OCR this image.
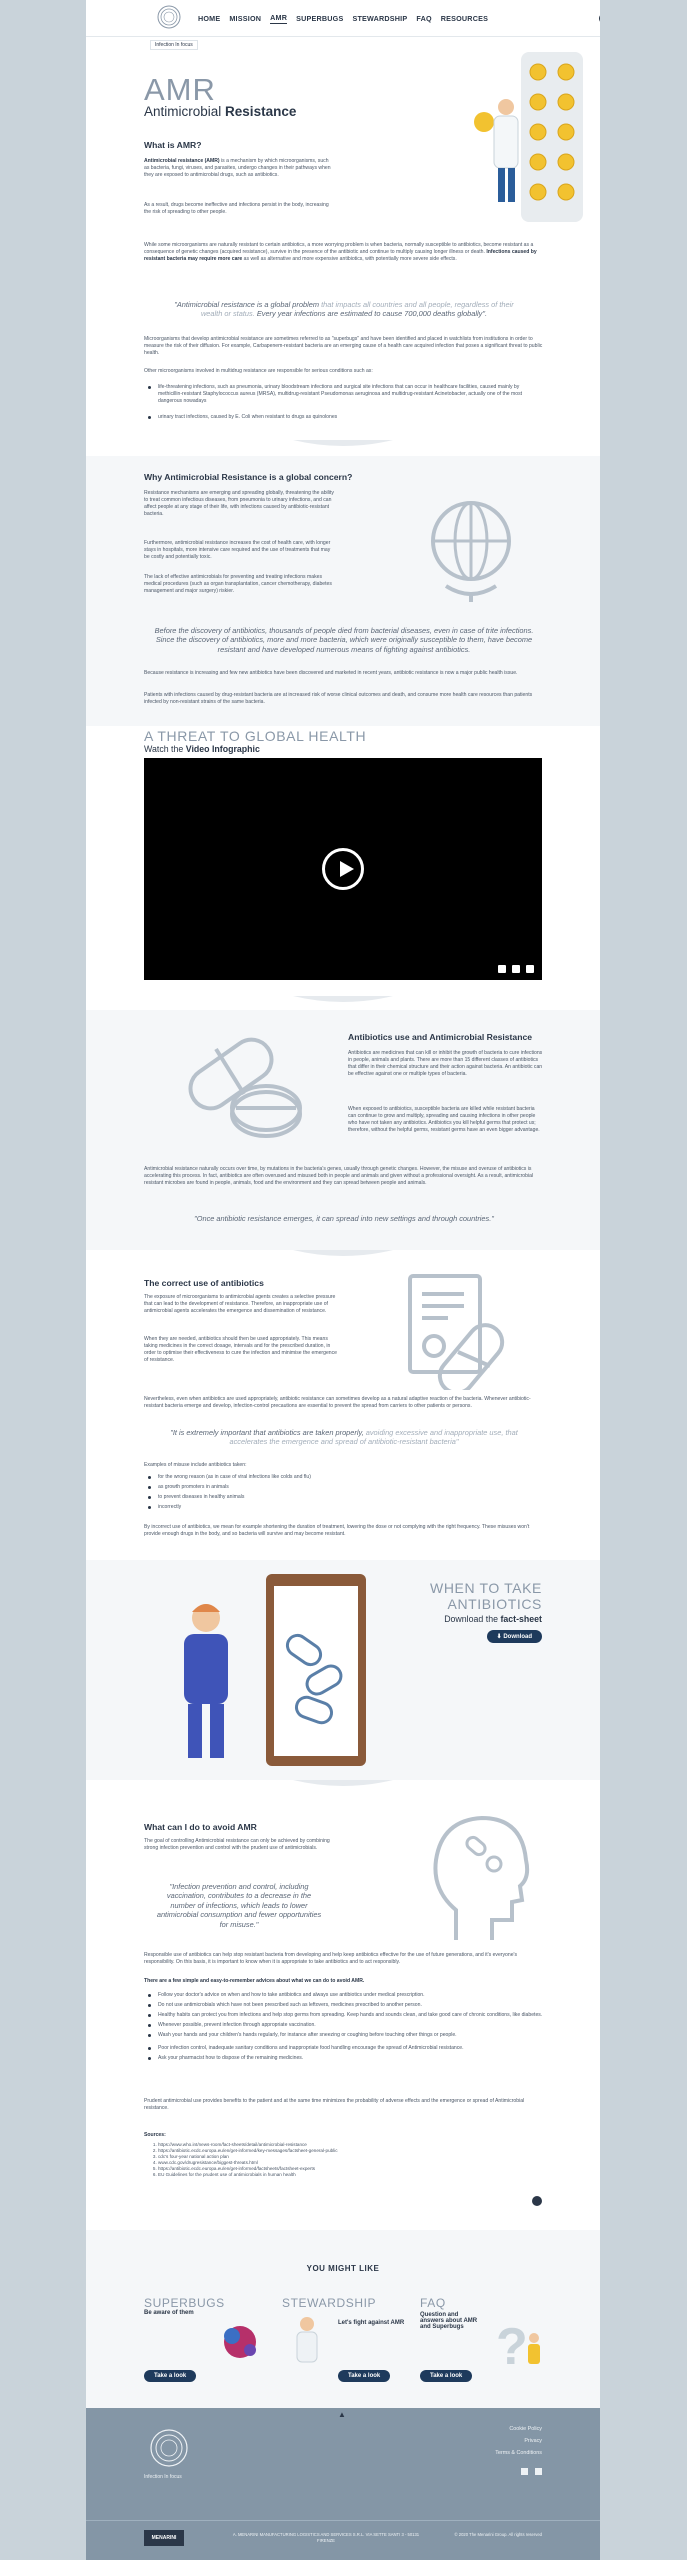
HOME MISSION AMR SUPERBUGS STEWARDSHIP FAQ RESOURCES
Infection In focus
AMR
Antimicrobial Resistance
What is AMR?
Antimicrobial resistance (AMR) is a mechanism by which microorganisms, such as bacteria, fungi, viruses, and parasites, undergo changes in their pathways when they are exposed to antimicrobial drugs, such as antibiotics.
As a result, drugs become ineffective and infections persist in the body, increasing the risk of spreading to other people.
While some microorganisms are naturally resistant to certain antibiotics, a more worrying problem is when bacteria, normally susceptible to antibiotics, become resistant as a consequence of genetic changes (acquired resistance), survive in the presence of the antibiotic and continue to multiply causing longer illness or death. Infections caused by resistant bacteria may require more care as well as alternative and more expensive antibiotics, with potentially more severe side effects.
"Antimicrobial resistance is a global problem that impacts all countries and all people, regardless of their wealth or status. Every year infections are estimated to cause 700,000 deaths globally".
Microorganisms that develop antimicrobial resistance are sometimes referred to as "superbugs" and have been identified and placed in watchlists from institutions in order to measure the risk of their diffusion. For example, Carbapenem-resistant bacteria are an emerging cause of a health care acquired infection that poses a significant threat to public health.
Other microorganisms involved in multidrug resistance are responsible for serious conditions such as:
life-threatening infections, such as pneumonia, urinary bloodstream infections and surgical site infections that can occur in healthcare facilities, caused mainly by methicillin-resistant Staphylococcus aureus (MRSA), multidrug-resistant Pseudomonas aeruginosa and multidrug-resistant Acinetobacter, actually one of the most dangerous nowadays
urinary tract infections, caused by E. Coli when resistant to drugs as quinolones
Why Antimicrobial Resistance is a global concern?
Resistance mechanisms are emerging and spreading globally, threatening the ability to treat common infectious diseases, from pneumonia to urinary infections, and can affect people at any stage of their life, with infections caused by antibiotic-resistant bacteria.
Furthermore, antimicrobial resistance increases the cost of health care, with longer stays in hospitals, more intensive care required and the use of treatments that may be costly and potentially toxic.
The lack of effective antimicrobials for preventing and treating infections makes medical procedures (such as organ transplantation, cancer chemotherapy, diabetes management and major surgery) riskier.
Before the discovery of antibiotics, thousands of people died from bacterial diseases, even in case of trite infections. Since the discovery of antibiotics, more and more bacteria, which were originally susceptible to them, have become resistant and have developed numerous means of fighting against antibiotics.
Because resistance is increasing and few new antibiotics have been discovered and marketed in recent years, antibiotic resistance is now a major public health issue.
Patients with infections caused by drug-resistant bacteria are at increased risk of worse clinical outcomes and death, and consume more health care resources than patients infected by non-resistant strains of the same bacteria.
A THREAT TO GLOBAL HEALTH
Watch the Video Infographic
Antibiotics use and Antimicrobial Resistance
Antibiotics are medicines that can kill or inhibit the growth of bacteria to cure infections in people, animals and plants. There are more than 15 different classes of antibiotics that differ in their chemical structure and their action against bacteria. An antibiotic can be effective against one or multiple types of bacteria.
When exposed to antibiotics, susceptible bacteria are killed while resistant bacteria can continue to grow and multiply, spreading and causing infections in other people who have not taken any antibiotics. Antibiotics you kill helpful germs that protect us; therefore, without the helpful germs, resistant germs have an even bigger advantage.
Antimicrobial resistance naturally occurs over time, by mutations in the bacteria's genes, usually through genetic changes. However, the misuse and overuse of antibiotics is accelerating this process. In fact, antibiotics are often overused and misused both in people and animals and given without a professional oversight. As a result, antimicrobial resistant microbes are found in people, animals, food and the environment and they can spread between people and animals.
"Once antibiotic resistance emerges, it can spread into new settings and through countries."
The correct use of antibiotics
The exposure of microorganisms to antimicrobial agents creates a selective pressure that can lead to the development of resistance. Therefore, an inappropriate use of antimicrobial agents accelerates the emergence and dissemination of resistance.
When they are needed, antibiotics should then be used appropriately. This means taking medicines in the correct dosage, intervals and for the prescribed duration, in order to optimise their effectiveness to cure the infection and minimise the emergence of resistance.
Nevertheless, even when antibiotics are used appropriately, antibiotic resistance can sometimes develop as a natural adaptive reaction of the bacteria. Whenever antibiotic-resistant bacteria emerge and develop, infection-control precautions are essential to prevent the spread from carriers to other patients or persons.
"It is extremely important that antibiotics are taken properly, avoiding excessive and inappropriate use, that accelerates the emergence and spread of antibiotic-resistant bacteria"
Examples of misuse include antibiotics taken:
for the wrong reason (as in case of viral infections like colds and flu)
as growth promoters in animals
to prevent diseases in healthy animals
incorrectly
By incorrect use of antibiotics, we mean for example shortening the duration of treatment, lowering the dose or not complying with the right frequency. These misuses won't provide enough drugs in the body, and so bacteria will survive and may become resistant.
WHEN TO TAKE
ANTIBIOTICS
Download the fact-sheet
⬇ Download
What can I do to avoid AMR
The goal of controlling Antimicrobial resistance can only be achieved by combining strong infection prevention and control with the prudent use of antimicrobials.
"Infection prevention and control, including vaccination, contributes to a decrease in the number of infections, which leads to lower antimicrobial consumption and fewer opportunities for misuse."
Responsible use of antibiotics can help stop resistant bacteria from developing and help keep antibiotics effective for the use of future generations, and it's everyone's responsibility. On this basis, it is important to know when it is appropriate to take antibiotics and to act responsibly.
There are a few simple and easy-to-remember advices about what we can do to avoid AMR.
Follow your doctor's advice on when and how to take antibiotics and always use antibiotics under medical prescription.
Do not use antimicrobials which have not been prescribed such as leftovers, medicines prescribed to another person.
Healthy habits can protect you from infections and help stop germs from spreading. Keep hands and sounds clean, and take good care of chronic conditions, like diabetes.
Whenever possible, prevent infection through appropriate vaccination.
Wash your hands and your children's hands regularly, for instance after sneezing or coughing before touching other things or people.
Poor infection control, inadequate sanitary conditions and inappropriate food handling encourage the spread of Antimicrobial resistance.
Ask your pharmacist how to dispose of the remaining medicines.
Prudent antimicrobial use provides benefits to the patient and at the same time minimizes the probability of adverse effects and the emergence or spread of Antimicrobial resistance.
Sources:
1. https://www.who.int/news-room/fact-sheets/detail/antimicrobial-resistance
2. https://antibiotic.ecdc.europa.eu/en/get-informed/key-messages/factsheet-general-public
3. cdc's four-year national action plan
4. www.cdc.gov/drugresistance/biggest-threats.html
5. https://antibiotic.ecdc.europa.eu/en/get-informed/factsheets/factsheet-experts
6. EU Guidelines for the prudent use of antimicrobials in human health
YOU MIGHT LIKE
SUPERBUGS
Be aware of them
Take a look
STEWARDSHIP
Let's fight against AMR
Take a look
FAQ
Question and answers about AMR and Superbugs ?
Take a look
▲
Infection In focus
Cookie Policy
Privacy
Terms & Conditions

MENARINI
A. MENARINI MANUFACTURING LOGISTICS AND SERVICES S.R.L. VIA SETTE SANTI 3 - 50131 FIRENZE
© 2020 The Menarini Group. All rights reserved
